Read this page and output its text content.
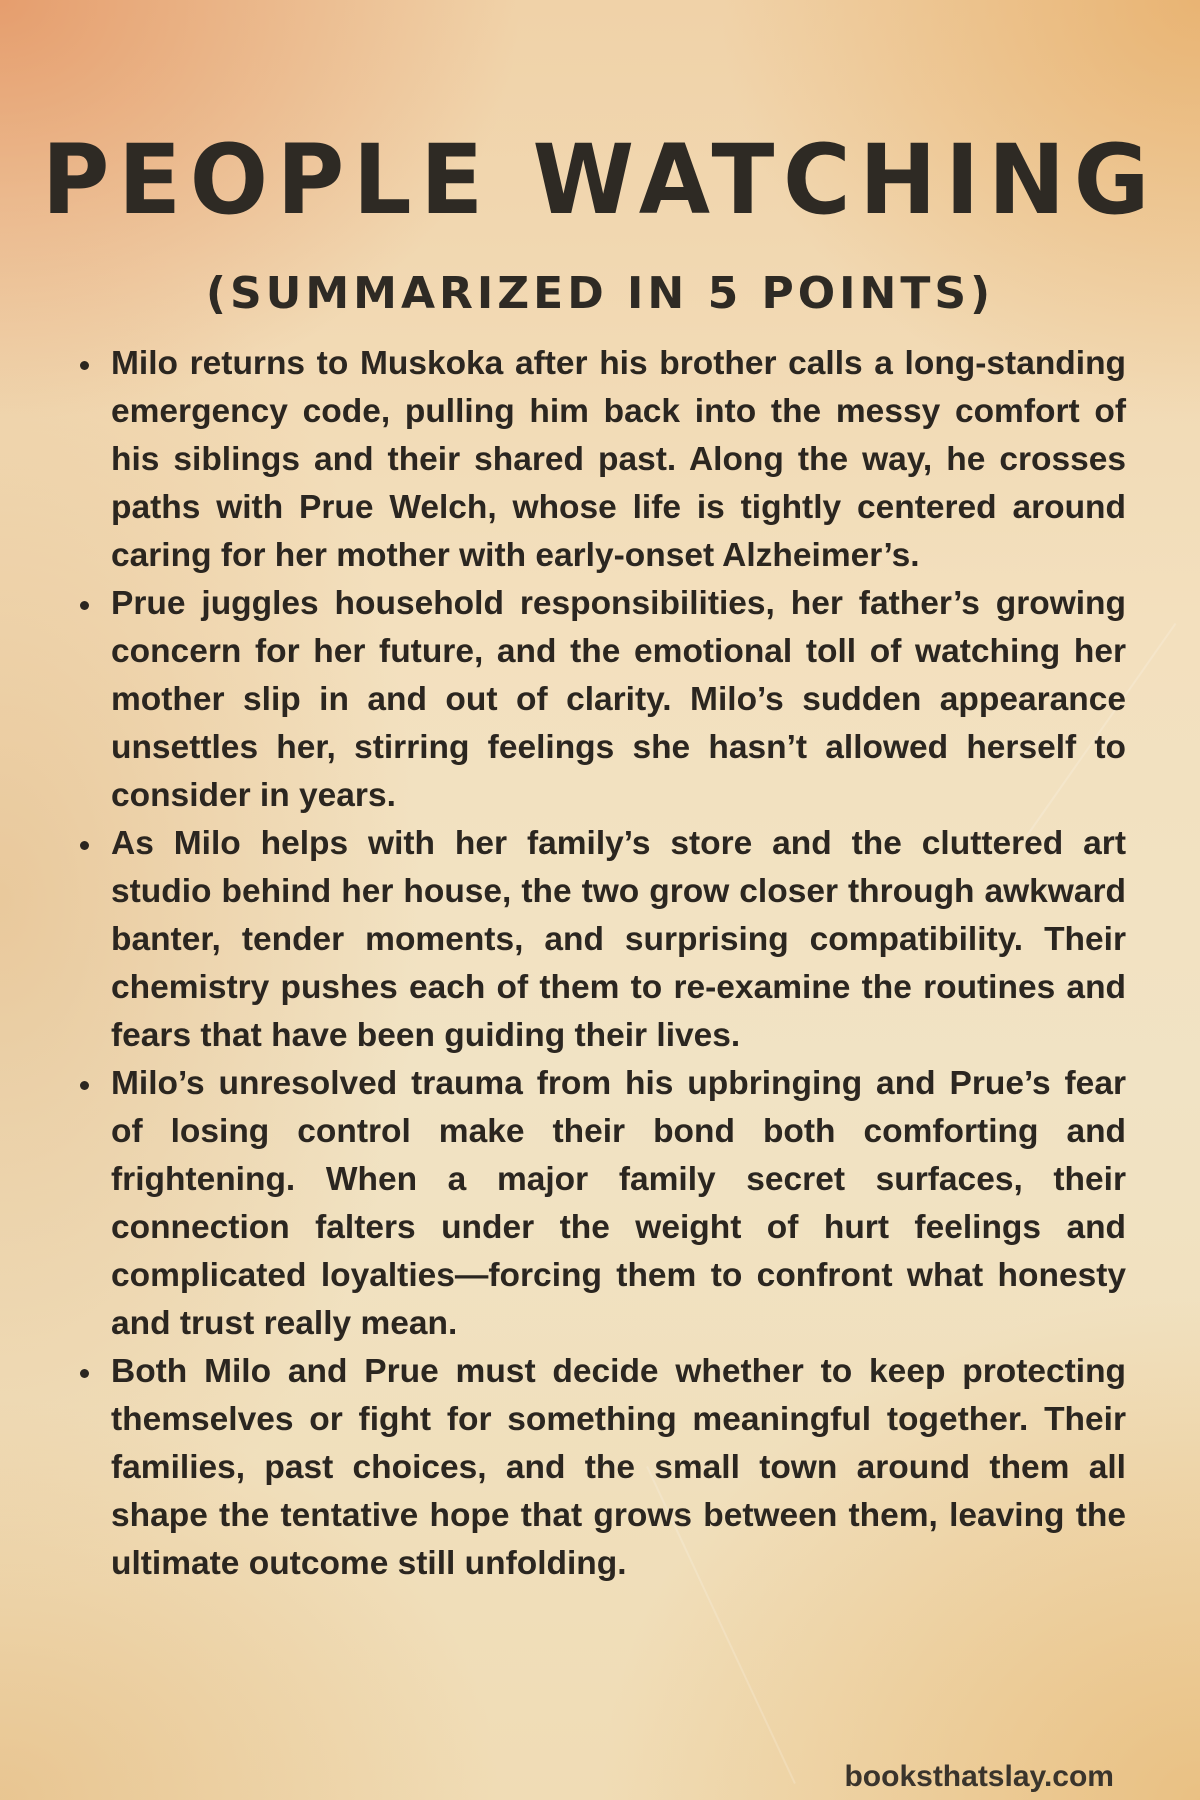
PEOPLE WATCHING
(SUMMARIZED IN 5 POINTS)
Milo returns to Muskoka after his brother calls a long-standing emergency code, pulling him back into the messy comfort of his siblings and their shared past. Along the way, he crosses paths with Prue Welch, whose life is tightly centered around caring for her mother with early-onset Alzheimer’s.
Prue juggles household responsibilities, her father’s growing concern for her future, and the emotional toll of watching her mother slip in and out of clarity. Milo’s sudden appearance unsettles her, stirring feelings she hasn’t allowed herself to consider in years.
As Milo helps with her family’s store and the cluttered art studio behind her house, the two grow closer through awkward banter, tender moments, and surprising compatibility. Their chemistry pushes each of them to re-examine the routines and fears that have been guiding their lives.
Milo’s unresolved trauma from his upbringing and Prue’s fear of losing control make their bond both comforting and frightening. When a major family secret surfaces, their connection falters under the weight of hurt feelings and complicated loyalties—forcing them to confront what honesty and trust really mean.
Both Milo and Prue must decide whether to keep protecting themselves or fight for something meaningful together. Their families, past choices, and the small town around them all shape the tentative hope that grows between them, leaving the ultimate outcome still unfolding.
booksthatslay.com
